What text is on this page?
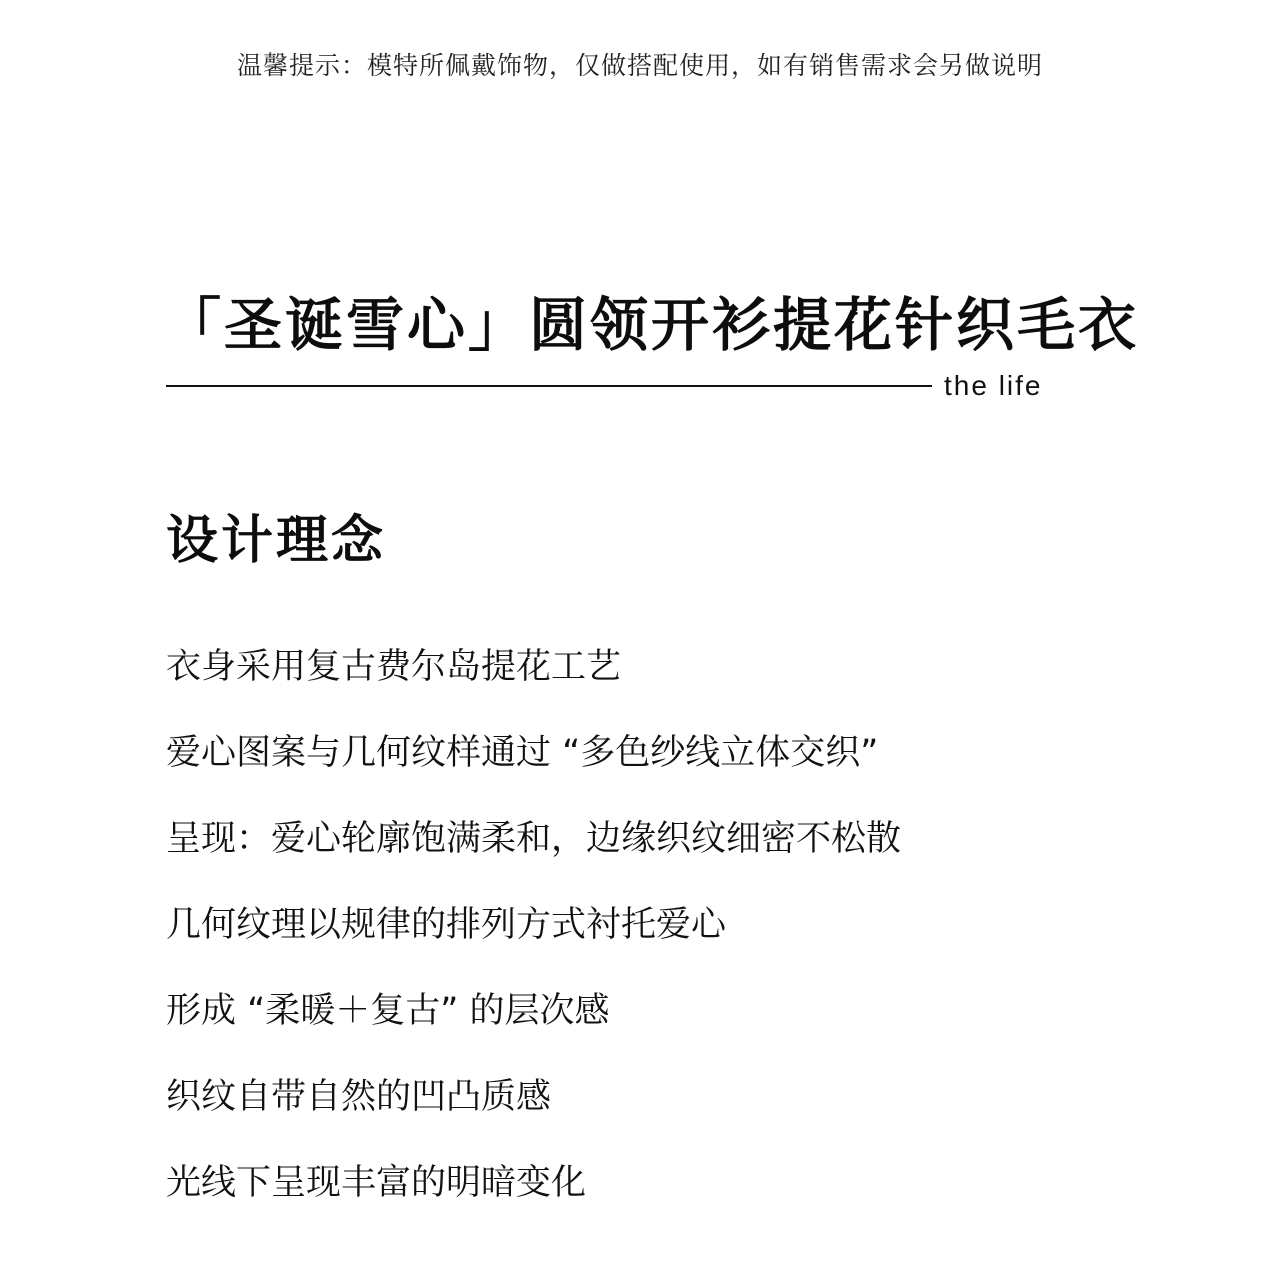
温馨提示：模特所佩戴饰物，仅做搭配使用，如有销售需求会另做说明
「圣诞雪心」圆领开衫提花针织毛衣
the life
设计理念
衣身采用复古费尔岛提花工艺
爱心图案与几何纹样通过 “多色纱线立体交织”
呈现：爱心轮廓饱满柔和，边缘织纹细密不松散
几何纹理以规律的排列方式衬托爱心
形成 “柔暖＋复古” 的层次感
织纹自带自然的凹凸质感
光线下呈现丰富的明暗变化
